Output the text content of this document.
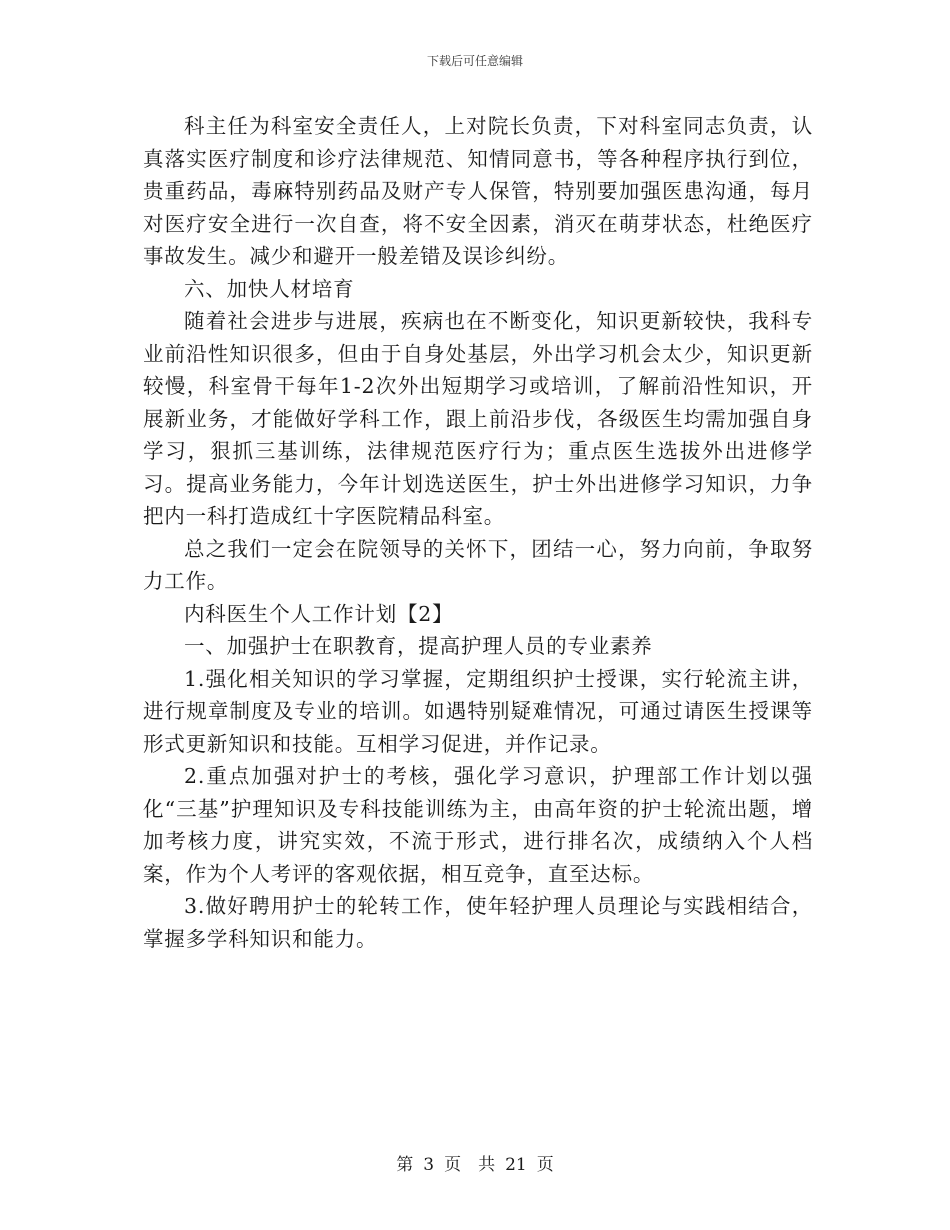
下载后可任意编辑

科主任为科室安全责任人，上对院长负责，下对科室同志负责，认真落实医疗制度和诊疗法律规范、知情同意书，等各种程序执行到位，贵重药品，毒麻特别药品及财产专人保管，特别要加强医患沟通，每月对医疗安全进行一次自查，将不安全因素，消灭在萌芽状态，杜绝医疗事故发生。减少和避开一般差错及误诊纠纷。

六、加快人材培育

随着社会进步与进展，疾病也在不断变化，知识更新较快，我科专业前沿性知识很多，但由于自身处基层，外出学习机会太少，知识更新较慢，科室骨干每年1-2次外出短期学习或培训，了解前沿性知识，开展新业务，才能做好学科工作，跟上前沿步伐，各级医生均需加强自身学习，狠抓三基训练，法律规范医疗行为；重点医生选拔外出进修学习。提高业务能力，今年计划选送医生，护士外出进修学习知识，力争把内一科打造成红十字医院精品科室。

总之我们一定会在院领导的关怀下，团结一心，努力向前，争取努力工作。

内科医生个人工作计划【2】

一、加强护士在职教育，提高护理人员的专业素养

1.强化相关知识的学习掌握，定期组织护士授课，实行轮流主讲，进行规章制度及专业的培训。如遇特别疑难情况，可通过请医生授课等形式更新知识和技能。互相学习促进，并作记录。

2.重点加强对护士的考核，强化学习意识，护理部工作计划以强化“三基”护理知识及专科技能训练为主，由高年资的护士轮流出题，增加考核力度，讲究实效，不流于形式，进行排名次，成绩纳入个人档案，作为个人考评的客观依据，相互竞争，直至达标。

3.做好聘用护士的轮转工作，使年轻护理人员理论与实践相结合，掌握多学科知识和能力。

第 3 页　共 21 页
